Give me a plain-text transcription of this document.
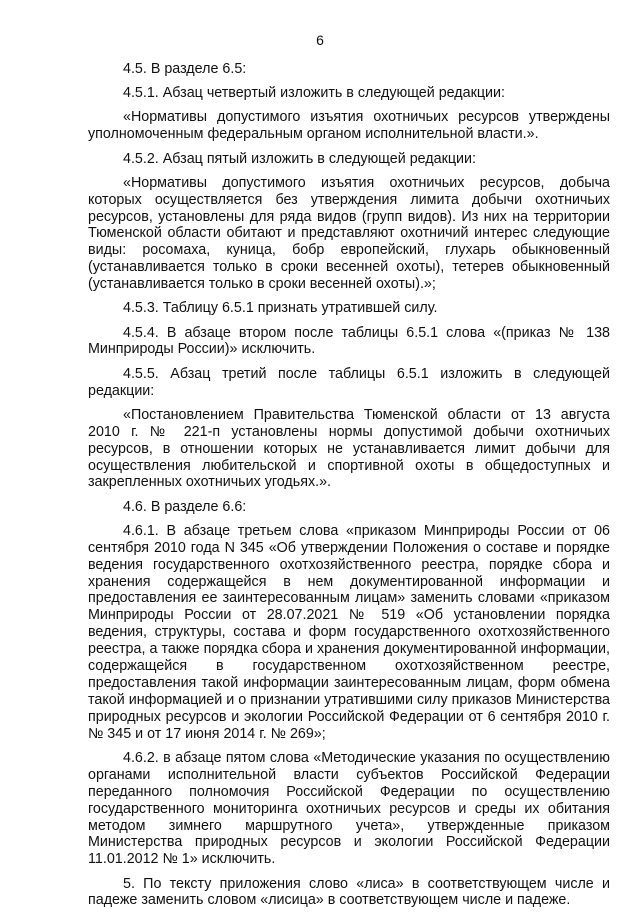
6

4.5. В разделе 6.5:

4.5.1. Абзац четвертый изложить в следующей редакции:

«Нормативы допустимого изъятия охотничьих ресурсов утверждены уполномоченным федеральным органом исполнительной власти.».

4.5.2. Абзац пятый изложить в следующей редакции:

«Нормативы допустимого изъятия охотничьих ресурсов, добыча которых осуществляется без утверждения лимита добычи охотничьих ресурсов, установлены для ряда видов (групп видов). Из них на территории Тюменской области обитают и представляют охотничий интерес следующие виды: росомаха, куница, бобр европейский, глухарь обыкновенный (устанавливается только в сроки весенней охоты), тетерев обыкновенный (устанавливается только в сроки весенней охоты).»;

4.5.3. Таблицу 6.5.1 признать утратившей силу.

4.5.4. В абзаце втором после таблицы 6.5.1 слова «(приказ № 138 Минприроды России)» исключить.

4.5.5. Абзац третий после таблицы 6.5.1 изложить в следующей редакции:

«Постановлением Правительства Тюменской области от 13 августа 2010 г. № 221-п установлены нормы допустимой добычи охотничьих ресурсов, в отношении которых не устанавливается лимит добычи для осуществления любительской и спортивной охоты в общедоступных и закрепленных охотничьих угодьях.».

4.6. В разделе 6.6:

4.6.1. В абзаце третьем слова «приказом Минприроды России от 06 сентября 2010 года N 345 «Об утверждении Положения о составе и порядке ведения государственного охотхозяйственного реестра, порядке сбора и хранения содержащейся в нем документированной информации и предоставления ее заинтересованным лицам» заменить словами «приказом Минприроды России от 28.07.2021 № 519 «Об установлении порядка ведения, структуры, состава и форм государственного охотхозяйственного реестра, а также порядка сбора и хранения документированной информации, содержащейся в государственном охотхозяйственном реестре, предоставления такой информации заинтересованным лицам, форм обмена такой информацией и о признании утратившими силу приказов Министерства природных ресурсов и экологии Российской Федерации от 6 сентября 2010 г. № 345 и от 17 июня 2014 г. № 269»;

4.6.2. в абзаце пятом слова «Методические указания по осуществлению органами исполнительной власти субъектов Российской Федерации переданного полномочия Российской Федерации по осуществлению государственного мониторинга охотничьих ресурсов и среды их обитания методом зимнего маршрутного учета», утвержденные приказом Министерства природных ресурсов и экологии Российской Федерации 11.01.2012 № 1» исключить.

5. По тексту приложения слово «лиса» в соответствующем числе и падеже заменить словом «лисица» в соответствующем числе и падеже.
